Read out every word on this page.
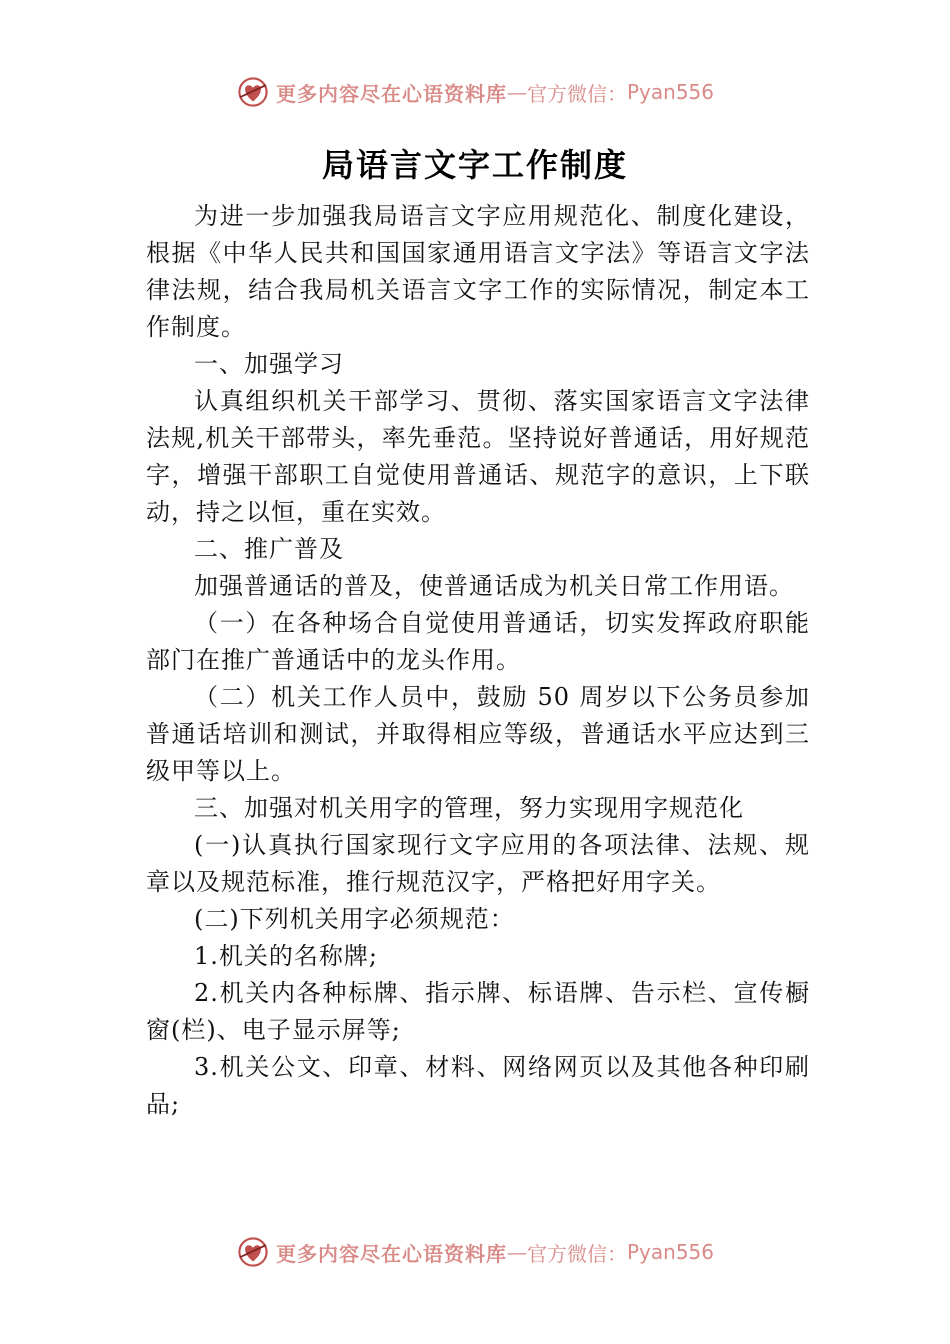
更多内容尽在心语资料库 — 官方微信： Pyan556
局语言文字工作制度

为进一步加强我局语言文字应用规范化、制度化建设，根据《中华人民共和国国家通用语言文字法》等语言文字法律法规，结合我局机关语言文字工作的实际情况，制定本工作制度。

一、加强学习

认真组织机关干部学习、贯彻、落实国家语言文字法律法规,机关干部带头，率先垂范。坚持说好普通话，用好规范字，增强干部职工自觉使用普通话、规范字的意识，上下联动，持之以恒，重在实效。

二、推广普及

加强普通话的普及，使普通话成为机关日常工作用语。

（一）在各种场合自觉使用普通话，切实发挥政府职能部门在推广普通话中的龙头作用。

（二）机关工作人员中，鼓励 50 周岁以下公务员参加普通话培训和测试，并取得相应等级，普通话水平应达到三级甲等以上。

三、加强对机关用字的管理，努力实现用字规范化

(一)认真执行国家现行文字应用的各项法律、法规、规章以及规范标准，推行规范汉字，严格把好用字关。

(二)下列机关用字必须规范：

1.机关的名称牌;

2.机关内各种标牌、指示牌、标语牌、告示栏、宣传橱窗(栏)、电子显示屏等;

3.机关公文、印章、材料、网络网页以及其他各种印刷品;

更多内容尽在心语资料库 — 官方微信： Pyan556
